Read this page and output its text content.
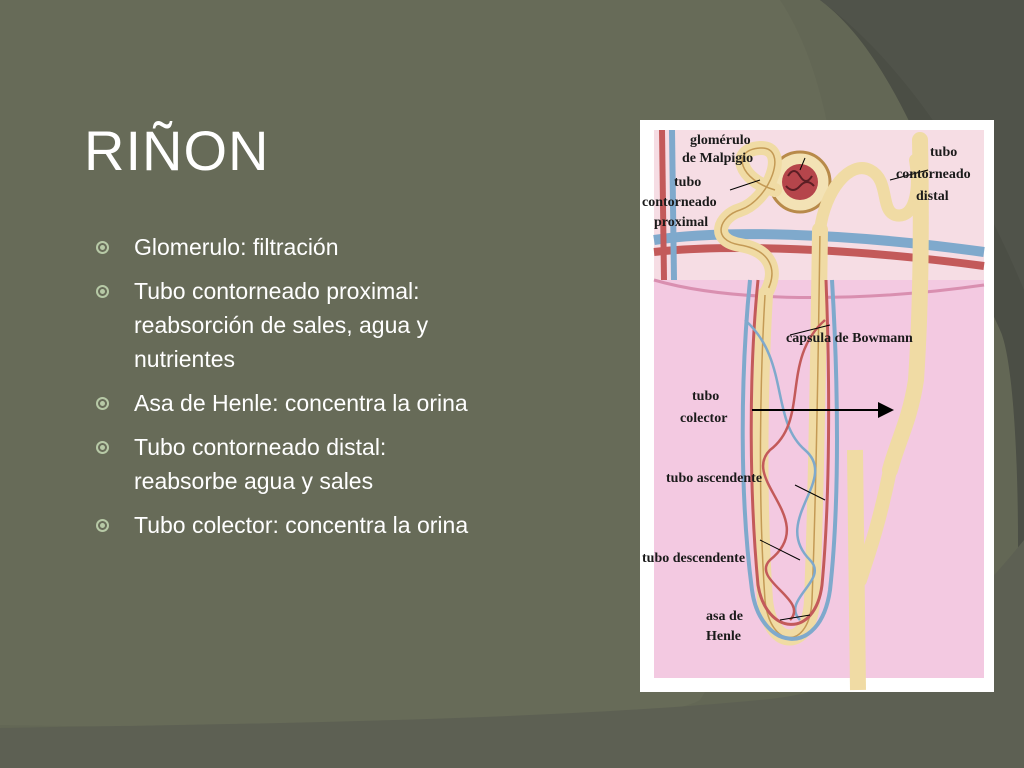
RIÑON
Glomerulo: filtración
Tubo contorneado proximal: reabsorción de sales, agua y nutrientes
Asa de Henle: concentra la orina
Tubo contorneado distal: reabsorbe agua y sales
Tubo colector: concentra la orina
glomérulo
de Malpigio
tubo
contorneado
proximal
tubo
contorneado
distal
capsula de Bowmann
tubo
colector
tubo ascendente
tubo descendente
asa de
Henle
